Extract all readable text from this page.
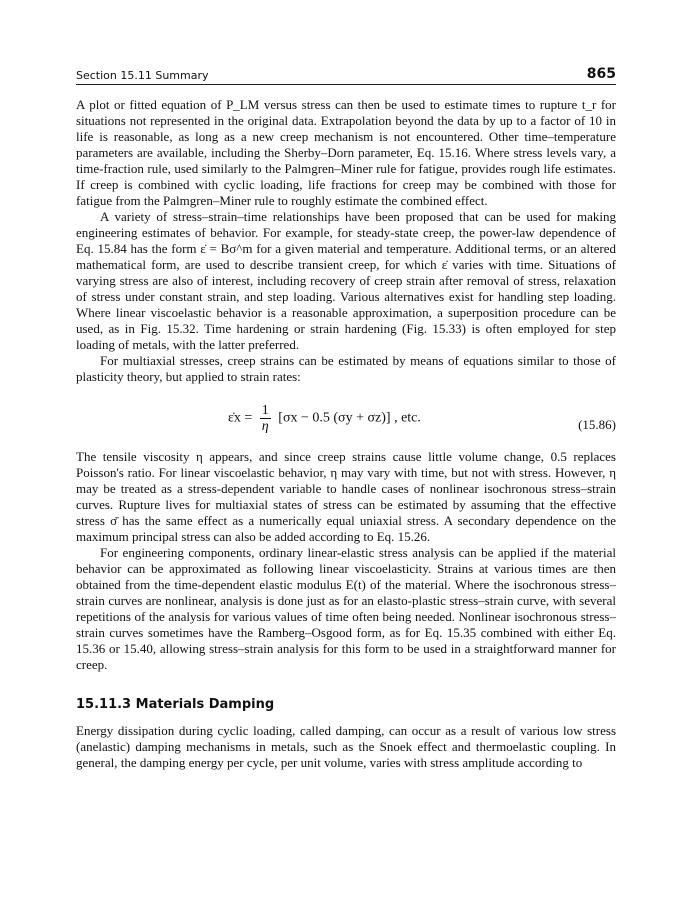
Section 15.11 Summary	865

A plot or fitted equation of P_LM versus stress can then be used to estimate times to rupture t_r for situations not represented in the original data. Extrapolation beyond the data by up to a factor of 10 in life is reasonable, as long as a new creep mechanism is not encountered. Other time–temperature parameters are available, including the Sherby–Dorn parameter, Eq. 15.16. Where stress levels vary, a time-fraction rule, used similarly to the Palmgren–Miner rule for fatigue, provides rough life estimates. If creep is combined with cyclic loading, life fractions for creep may be combined with those for fatigue from the Palmgren–Miner rule to roughly estimate the combined effect.

A variety of stress–strain–time relationships have been proposed that can be used for making engineering estimates of behavior. For example, for steady-state creep, the power-law dependence of Eq. 15.84 has the form ε̇ = Bσ^m for a given material and temperature. Additional terms, or an altered mathematical form, are used to describe transient creep, for which ε̇ varies with time. Situations of varying stress are also of interest, including recovery of creep strain after removal of stress, relaxation of stress under constant strain, and step loading. Various alternatives exist for handling step loading. Where linear viscoelastic behavior is a reasonable approximation, a superposition procedure can be used, as in Fig. 15.32. Time hardening or strain hardening (Fig. 15.33) is often employed for step loading of metals, with the latter preferred.

For multiaxial stresses, creep strains can be estimated by means of equations similar to those of plasticity theory, but applied to strain rates:

ε̇x = $\frac{1}{\eta} [\sigma x - 0.5$ (σy + σz)] , etc.	(15.86)

The tensile viscosity η appears, and since creep strains cause little volume change, 0.5 replaces Poisson's ratio. For linear viscoelastic behavior, η may vary with time, but not with stress. However, η may be treated as a stress-dependent variable to handle cases of nonlinear isochronous stress–strain curves. Rupture lives for multiaxial states of stress can be estimated by assuming that the effective stress σ̄ has the same effect as a numerically equal uniaxial stress. A secondary dependence on the maximum principal stress can also be added according to Eq. 15.26.

For engineering components, ordinary linear-elastic stress analysis can be applied if the material behavior can be approximated as following linear viscoelasticity. Strains at various times are then obtained from the time-dependent elastic modulus E(t) of the material. Where the isochronous stress–strain curves are nonlinear, analysis is done just as for an elasto-plastic stress–strain curve, with several repetitions of the analysis for various values of time often being needed. Nonlinear isochronous stress–strain curves sometimes have the Ramberg–Osgood form, as for Eq. 15.35 combined with either Eq. 15.36 or 15.40, allowing stress–strain analysis for this form to be used in a straightforward manner for creep.

15.11.3 Materials Damping

Energy dissipation during cyclic loading, called damping, can occur as a result of various low stress (anelastic) damping mechanisms in metals, such as the Snoek effect and thermoelastic coupling. In general, the damping energy per cycle, per unit volume, varies with stress amplitude according to
